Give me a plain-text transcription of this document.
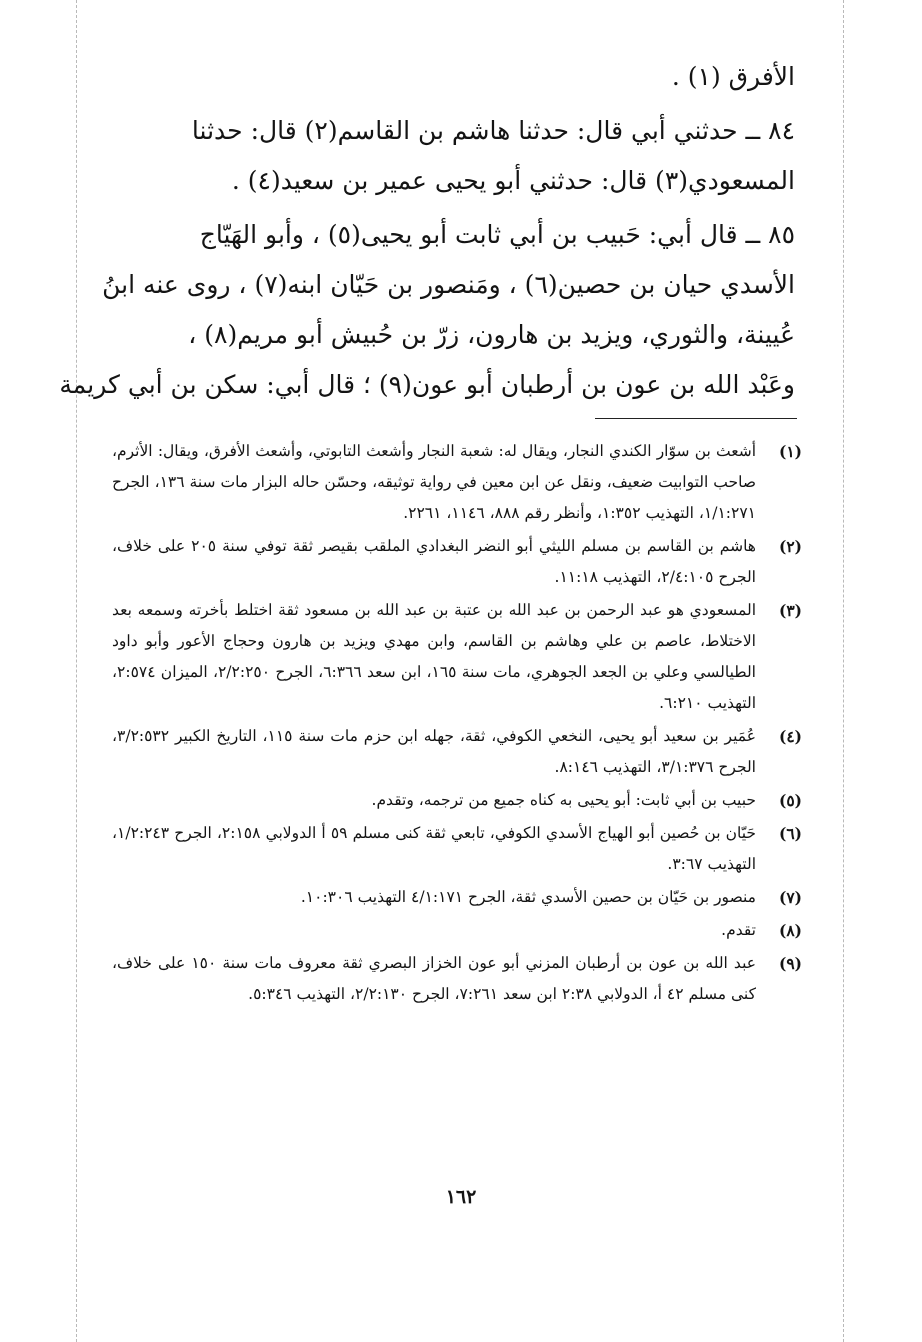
الأفرق (١) .

٨٤ ــ حدثني أبي قال: حدثنا هاشم بن القاسم(٢) قال: حدثنا

المسعودي(٣) قال: حدثني أبو يحيى عمير بن سعيد(٤) .

٨٥ ــ قال أبي: حَبيب بن أبي ثابت أبو يحيى(٥) ، وأبو الهَيّاج

الأسدي حيان بن حصين(٦) ، ومَنصور بن حَيّان ابنه(٧) ، روى عنه ابنُ

عُيينة، والثوري، ويزيد بن هارون، زرّ بن حُبيش أبو مريم(٨) ،

وعَبْد الله بن عون بن أرطبان أبو عون(٩) ؛ قال أبي: سكن بن أبي كريمة

(١)
أشعث بن سوّار الكندي النجار، ويقال له: شعبة النجار وأشعث التابوتي، وأشعث الأفرق، ويقال: الأثرم، صاحب التوابيت ضعيف، ونقل عن ابن معين في رواية توثيقه، وحسّن حاله البزار مات سنة ١٣٦، الجرح ١/١:٢٧١، التهذيب ١:٣٥٢، وأنظر رقم ٨٨٨، ١١٤٦، ٢٢٦١.
(٢)
هاشم بن القاسم بن مسلم الليثي أبو النضر البغدادي الملقب بقيصر ثقة توفي سنة ٢٠٥ على خلاف، الجرح ٢/٤:١٠٥، التهذيب ١١:١٨.
(٣)
المسعودي هو عبد الرحمن بن عبد الله بن عتبة بن عبد الله بن مسعود ثقة اختلط بأخرته وسمعه بعد الاختلاط، عاصم بن علي وهاشم بن القاسم، وابن مهدي ويزيد بن هارون وحجاج الأعور وأبو داود الطيالسي وعلي بن الجعد الجوهري، مات سنة ١٦٥، ابن سعد ٦:٣٦٦، الجرح ٢/٢:٢٥٠، الميزان ٢:٥٧٤، التهذيب ٦:٢١٠.
(٤)
عُمَير بن سعيد أبو يحيى، النخعي الكوفي، ثقة، جهله ابن حزم مات سنة ١١٥، التاريخ الكبير ٣/٢:٥٣٢، الجرح ٣/١:٣٧٦، التهذيب ٨:١٤٦.
(٥)
حبيب بن أبي ثابت: أبو يحيى به كناه جميع من ترجمه، وتقدم.
(٦)
حَيّان بن حُصين أبو الهياج الأسدي الكوفي، تابعي ثقة كنى مسلم ٥٩ أ الدولابي ٢:١٥٨، الجرح ١/٢:٢٤٣، التهذيب ٣:٦٧.
(٧)
منصور بن حَيّان بن حصين الأسدي ثقة، الجرح ٤/١:١٧١ التهذيب ١٠:٣٠٦.
(٨)
تقدم.
(٩)
عبد الله بن عون بن أرطبان المزني أبو عون الخزاز البصري ثقة معروف مات سنة ١٥٠ على خلاف، كنى مسلم ٤٢ أ، الدولابي ٢:٣٨ ابن سعد ٧:٢٦١، الجرح ٢/٢:١٣٠، التهذيب ٥:٣٤٦.
١٦٢
